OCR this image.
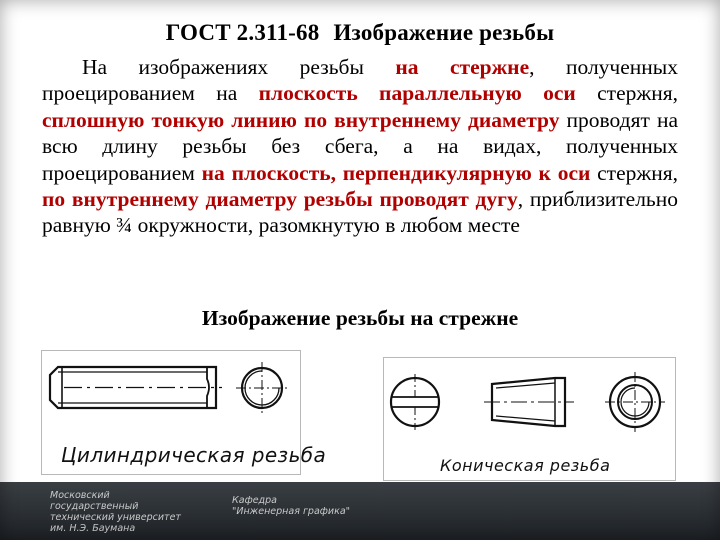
ГОСТ 2.311-68 Изображение резьбы
На изображениях резьбы на стержне, полученных проецированием на плоскость параллельную оси стержня, сплошную тонкую линию по внутреннему диаметру проводят на всю длину резьбы без сбега, а на видах, полученных проецированием на плоскость, перпендикулярную к оси стержня, по внутреннему диаметру резьбы проводят дугу, приблизительно равную ¾ окружности, разомкнутую в любом месте
Изображение резьбы на стрежне
Цилиндрическая резьба	Коническая резьба
Московский государственный
технический университет
им. Н.Э. Баумана
Кафедра
"Инженерная графика"
